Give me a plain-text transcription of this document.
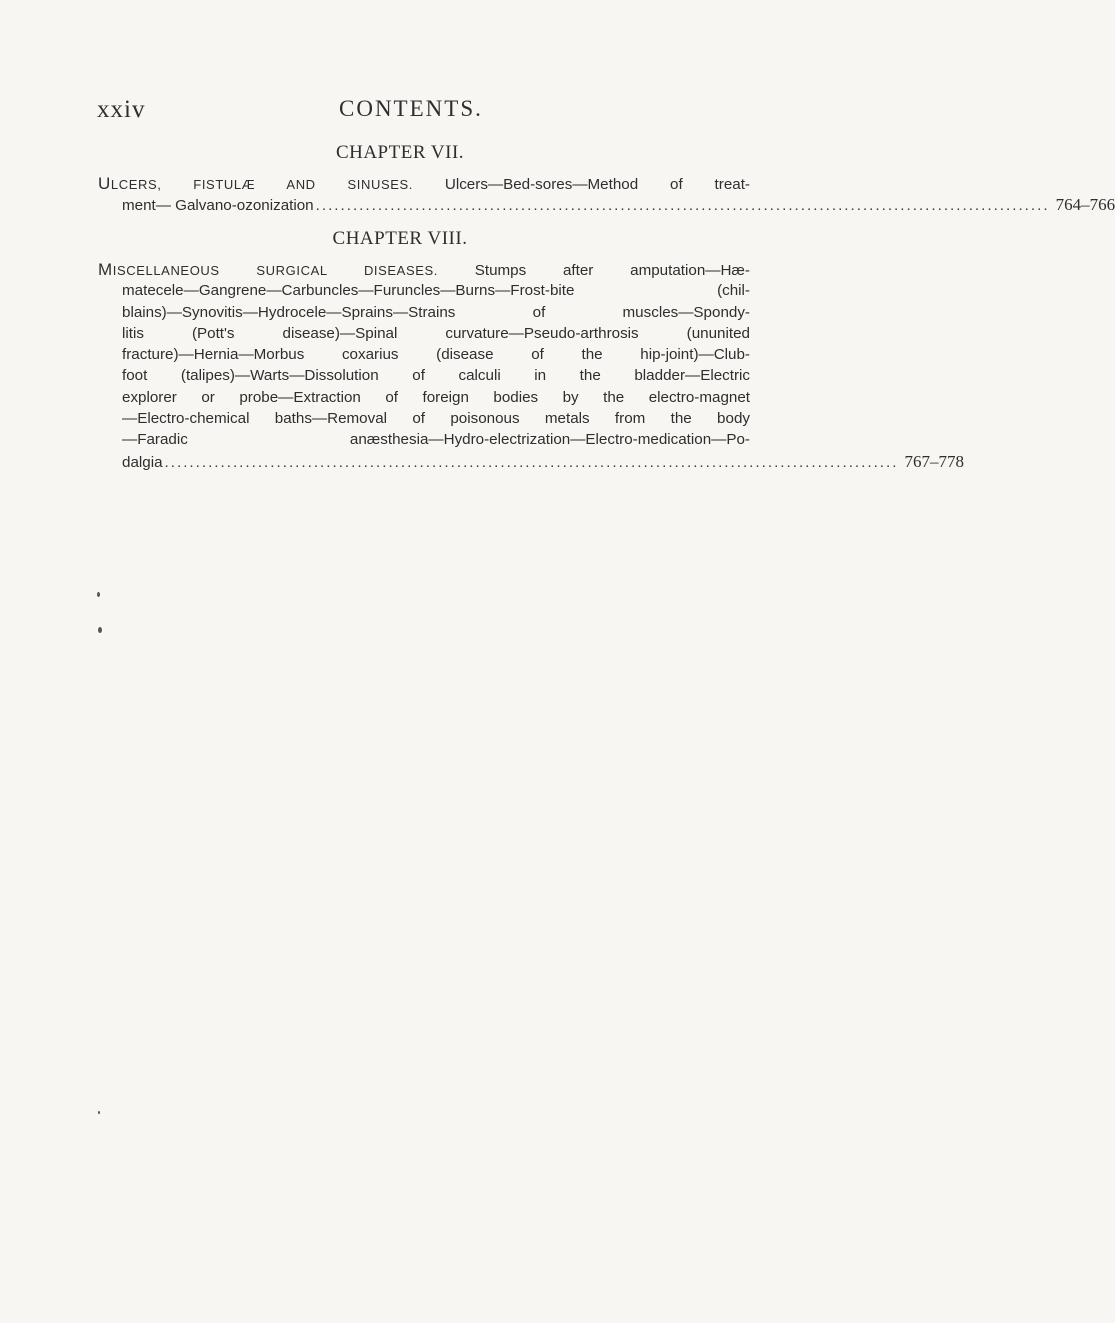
xxiv	CONTENTS.
CHAPTER VII.
ULCERS, FISTULÆ AND SINUSES. Ulcers—Bed-sores—Method of treat-
ment— Galvano-ozonization ...................................................................................................................... 764–766
CHAPTER VIII.
MISCELLANEOUS SURGICAL DISEASES. Stumps after amputation—Hæ-
matecele—Gangrene—Carbuncles—Furuncles—Burns—Frost-bite (chil-
blains)—Synovitis—Hydrocele—Sprains—Strains of muscles—Spondy-
litis (Pott's disease)—Spinal curvature—Pseudo-arthrosis (ununited
fracture)—Hernia—Morbus coxarius (disease of the hip-joint)—Club-
foot (talipes)—Warts—Dissolution of calculi in the bladder—Electric
explorer or probe—Extraction of foreign bodies by the electro-magnet
—Electro-chemical baths—Removal of poisonous metals from the body
—Faradic anæsthesia—Hydro-electrization—Electro-medication—Po-
dalgia ...................................................................................................................... 767–778
